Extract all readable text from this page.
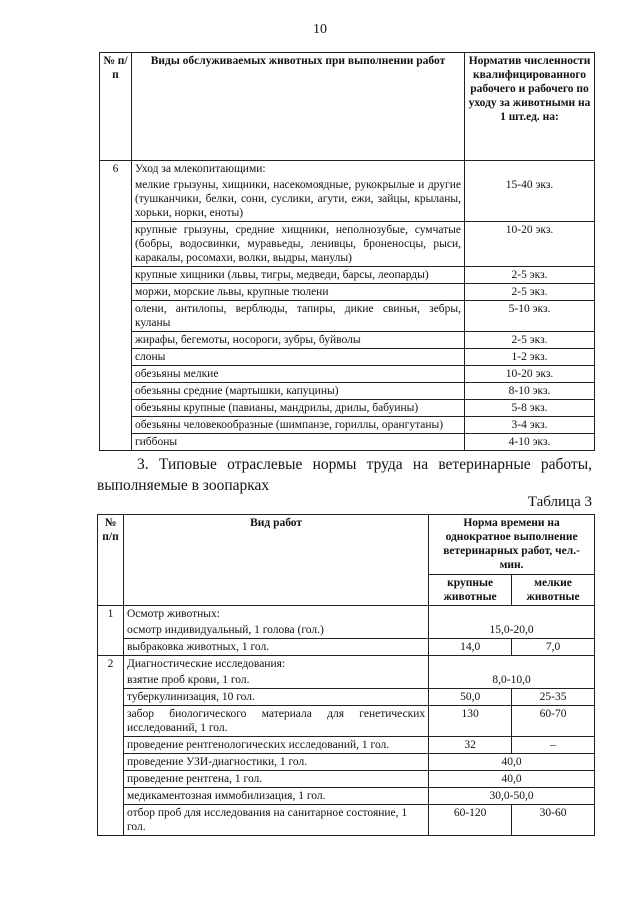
10
№ п/п	Виды обслуживаемых животных при выполнении работ	Норматив численности квалифицированного рабочего и рабочего по уходу за животными на 1 шт.ед. на:
6	Уход за млекопитающими:	
	мелкие грызуны, хищники, насекомоядные, рукокрылые и другие (тушканчики, белки, сони, суслики, агути, ежи, зайцы, крыланы, хорьки, норки, еноты)	15-40 экз.
	крупные грызуны, средние хищники, неполнозубые, сумчатые (бобры, водосвинки, муравьеды, ленивцы, броненосцы, рыси, каракалы, росомахи, волки, выдры, манулы)	10-20 экз.
	крупные хищники (львы, тигры, медведи, барсы, леопарды)	2-5 экз.
	моржи, морские львы, крупные тюлени	2-5 экз.
	олени, антилопы, верблюды, тапиры, дикие свиньи, зебры, куланы	5-10 экз.
	жирафы, бегемоты, носороги, зубры, буйволы	2-5 экз.
	слоны	1-2 экз.
	обезьяны мелкие	10-20 экз.
	обезьяны средние (мартышки, капуцины)	8-10 экз.
	обезьяны крупные (павианы, мандрилы, дрилы, бабуины)	5-8 экз.
	обезьяны человекообразные (шимпанзе, гориллы, орангутаны)	3-4 экз.
	гиббоны	4-10 экз.
3. Типовые отраслевые нормы труда на ветеринарные работы, выполняемые в зоопарках
Таблица 3
№ п/п	Вид работ	Норма времени на однократное выполнение ветеринарных работ, чел.-мин.	
		крупные животные	мелкие животные
1	Осмотр животных:		
	осмотр индивидуальный, 1 голова (гол.)	15,0-20,0	
	выбраковка животных, 1 гол.	14,0	7,0
2	Диагностические исследования:		
	взятие проб крови, 1 гол.	8,0-10,0	
	туберкулинизация, 10 гол.	50,0	25-35
	забор биологического материала для генетических исследований, 1 гол.	130	60-70
	проведение рентгенологических исследований, 1 гол.	32	–
	проведение УЗИ-диагностики, 1 гол.	40,0	
	проведение рентгена, 1 гол.	40,0	
	медикаментозная иммобилизация, 1 гол.	30,0-50,0	
	отбор проб для исследования на санитарное состояние, 1 гол.	60-120	30-60
